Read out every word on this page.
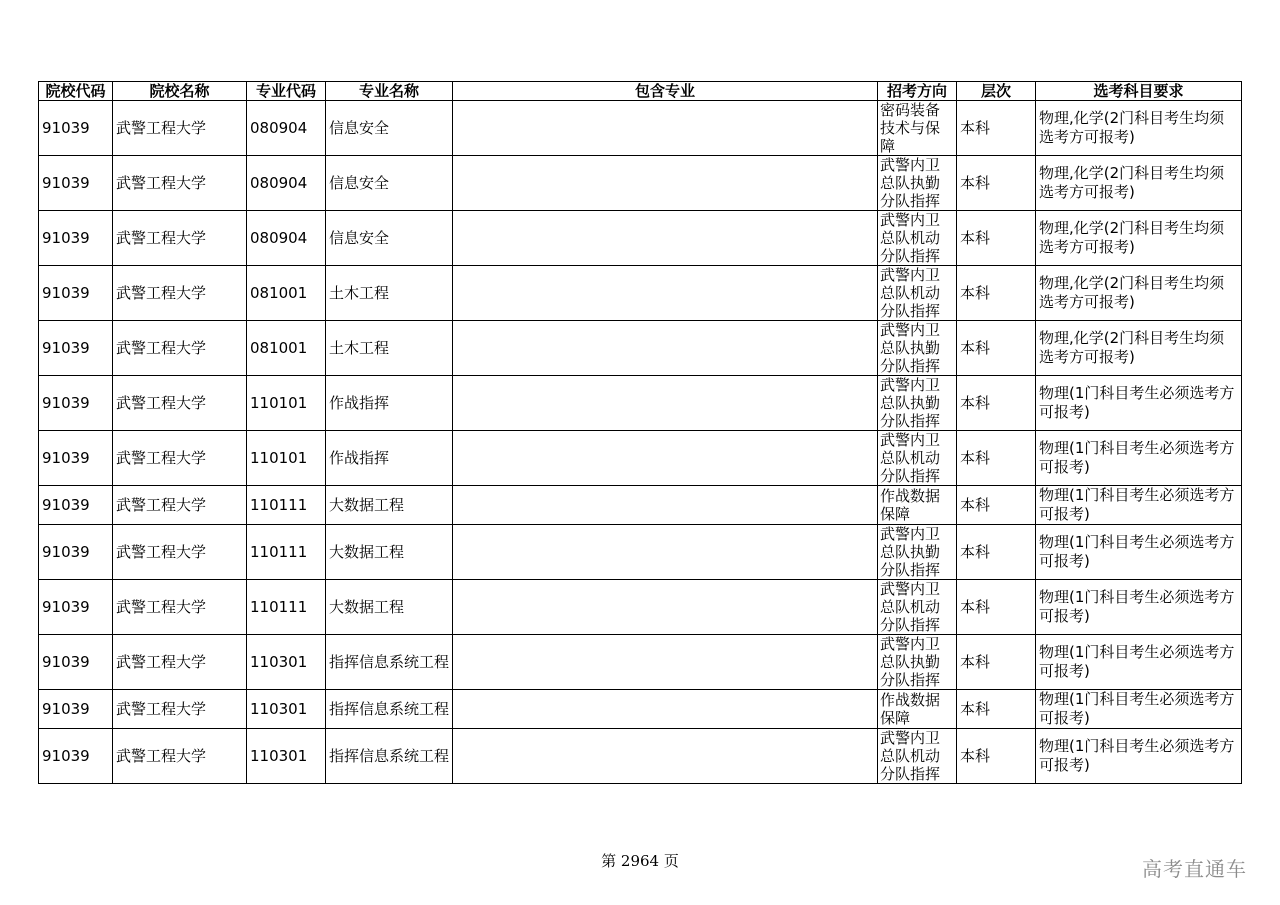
院校代码	院校名称	专业代码	专业名称	包含专业	招考方向	层次	选考科目要求
91039	武警工程大学	080904	信息安全		密码装备技术与保障	本科	物理,化学(2门科目考生均须选考方可报考)
91039	武警工程大学	080904	信息安全		武警内卫总队执勤分队指挥	本科	物理,化学(2门科目考生均须选考方可报考)
91039	武警工程大学	080904	信息安全		武警内卫总队机动分队指挥	本科	物理,化学(2门科目考生均须选考方可报考)
91039	武警工程大学	081001	土木工程		武警内卫总队机动分队指挥	本科	物理,化学(2门科目考生均须选考方可报考)
91039	武警工程大学	081001	土木工程		武警内卫总队执勤分队指挥	本科	物理,化学(2门科目考生均须选考方可报考)
91039	武警工程大学	110101	作战指挥		武警内卫总队执勤分队指挥	本科	物理(1门科目考生必须选考方可报考)
91039	武警工程大学	110101	作战指挥		武警内卫总队机动分队指挥	本科	物理(1门科目考生必须选考方可报考)
91039	武警工程大学	110111	大数据工程		作战数据保障	本科	物理(1门科目考生必须选考方可报考)
91039	武警工程大学	110111	大数据工程		武警内卫总队执勤分队指挥	本科	物理(1门科目考生必须选考方可报考)
91039	武警工程大学	110111	大数据工程		武警内卫总队机动分队指挥	本科	物理(1门科目考生必须选考方可报考)
91039	武警工程大学	110301	指挥信息系统工程		武警内卫总队执勤分队指挥	本科	物理(1门科目考生必须选考方可报考)
91039	武警工程大学	110301	指挥信息系统工程		作战数据保障	本科	物理(1门科目考生必须选考方可报考)
91039	武警工程大学	110301	指挥信息系统工程		武警内卫总队机动分队指挥	本科	物理(1门科目考生必须选考方可报考)
第 2964 页	高考直通车
